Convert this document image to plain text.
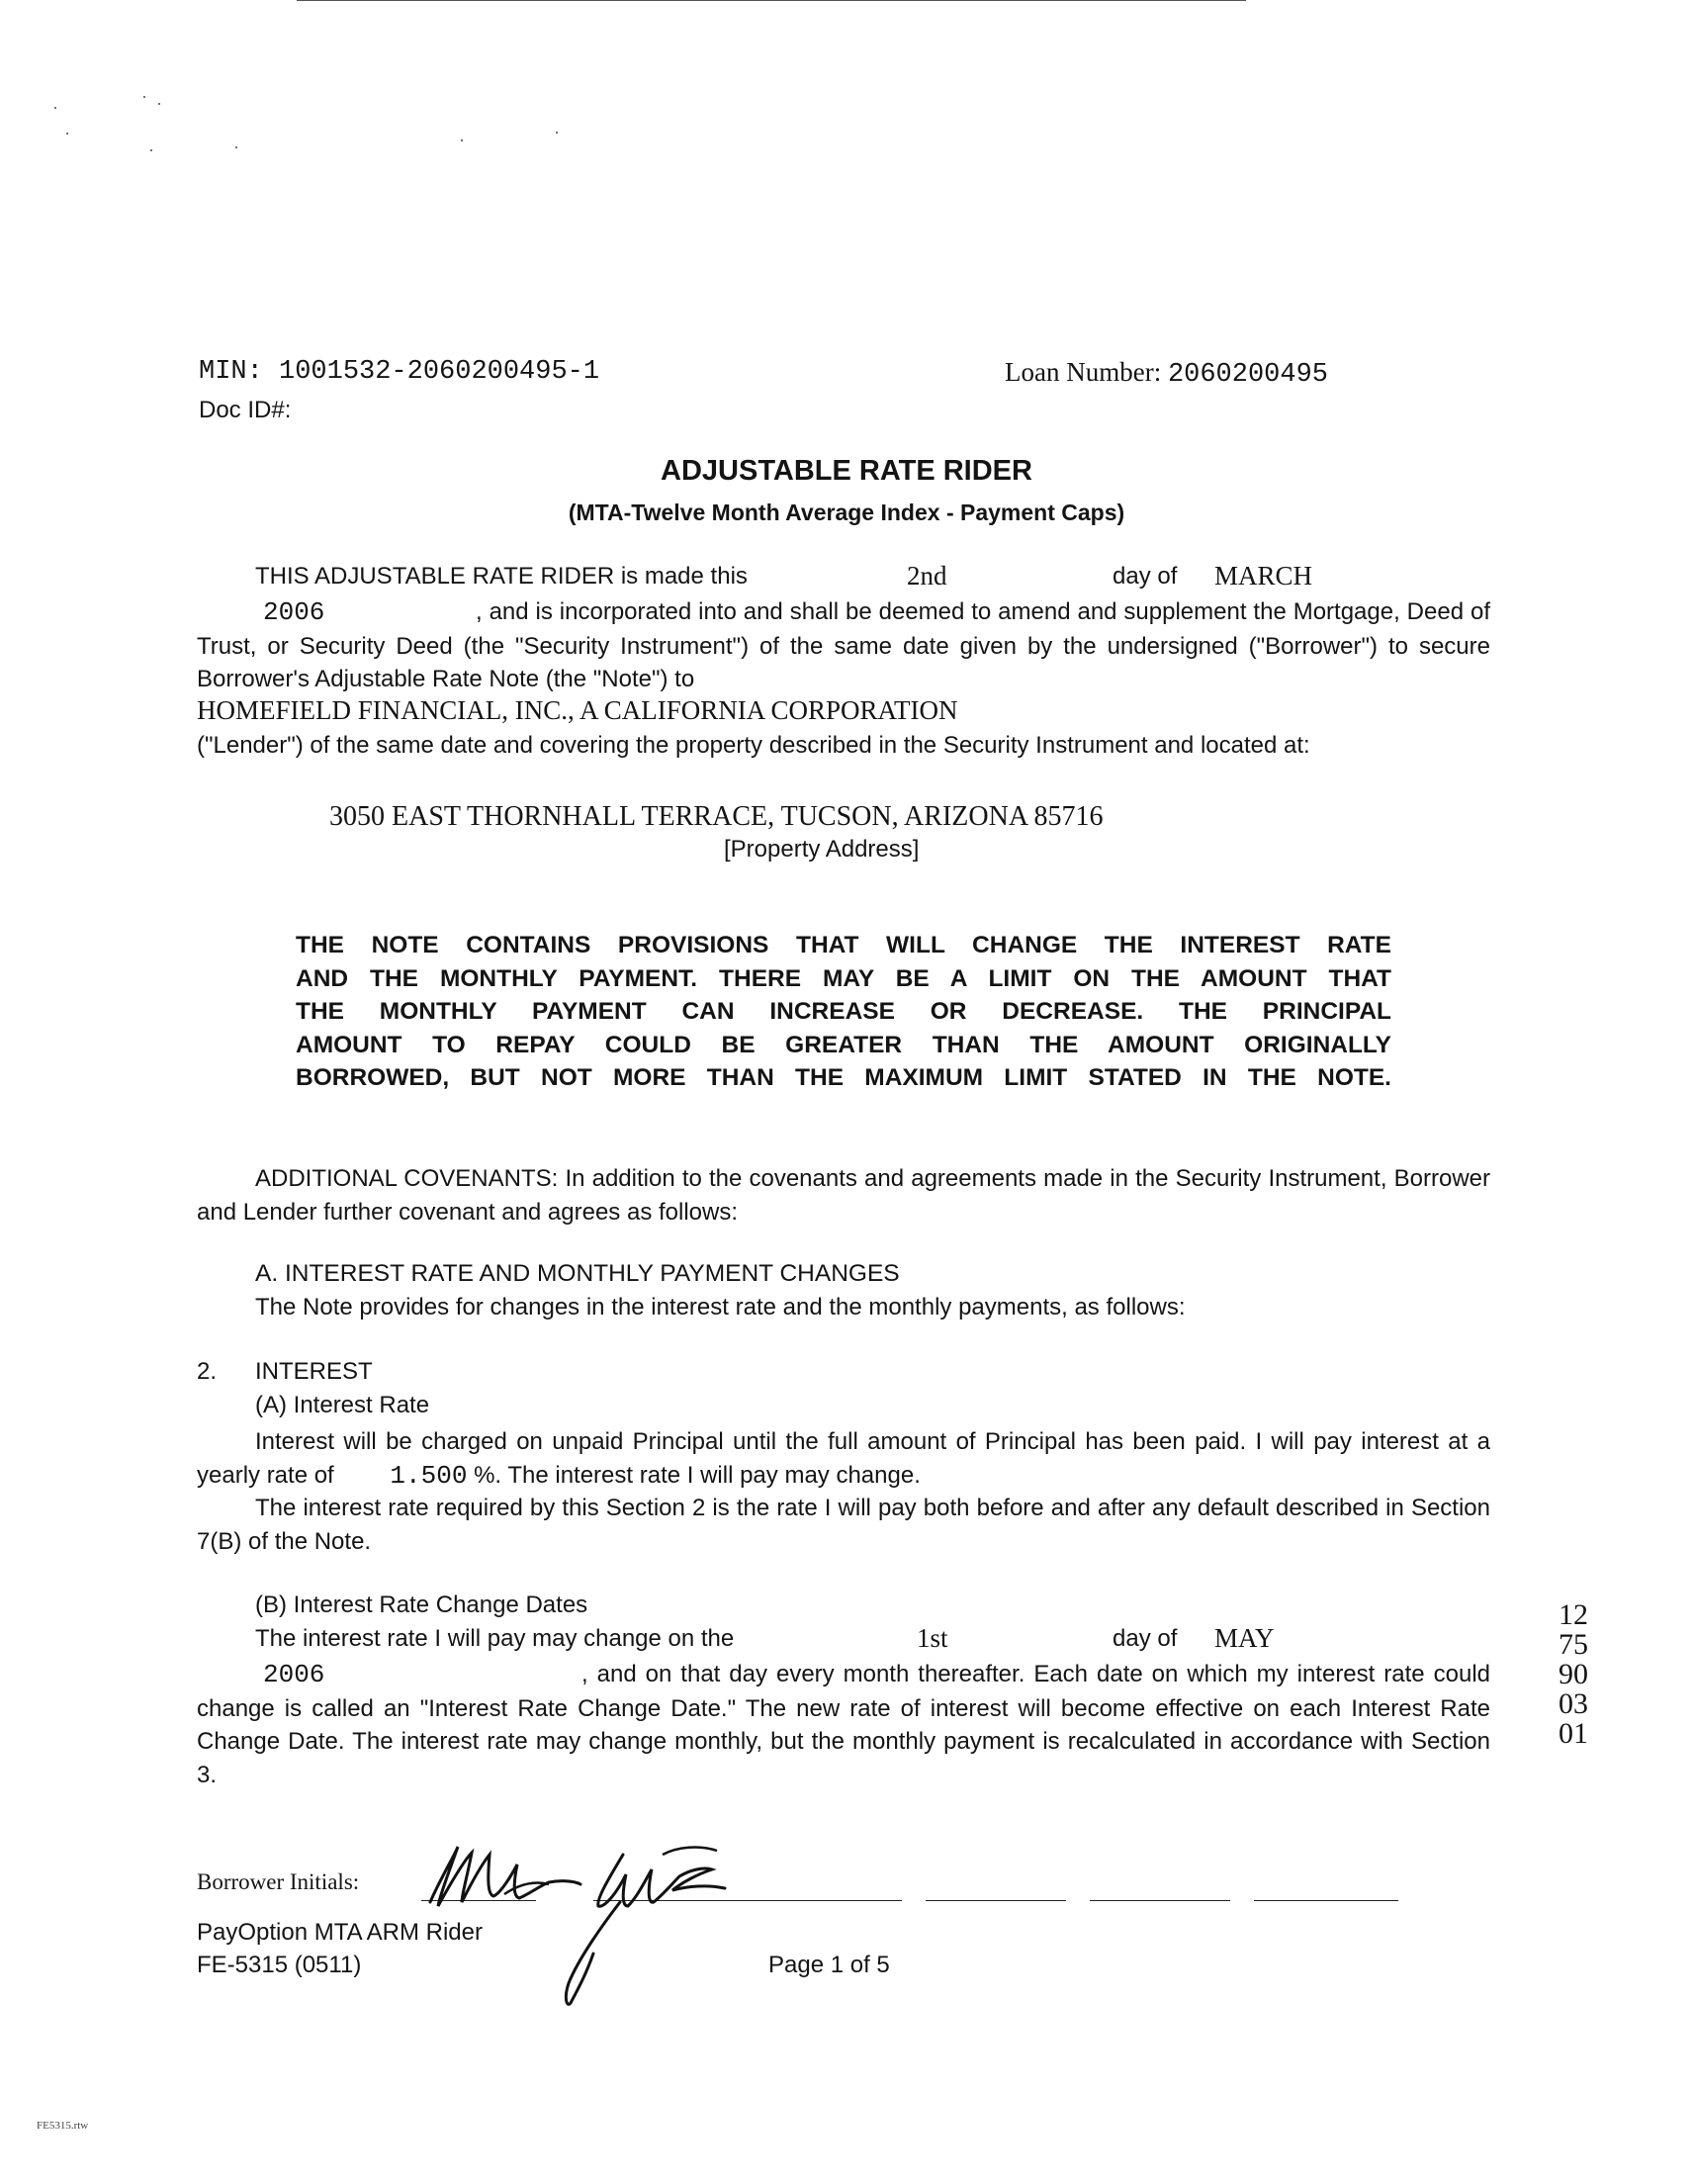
MIN: 1001532-2060200495-1	Loan Number: 2060200495
Doc ID#:
ADJUSTABLE RATE RIDER
(MTA-Twelve Month Average Index - Payment Caps)
THIS ADJUSTABLE RATE RIDER is made this	2nd	day of MARCH

2006	, and is incorporated into and shall be deemed to amend and supplement the Mortgage, Deed of Trust, or Security Deed (the "Security Instrument") of the same date given by the undersigned ("Borrower") to secure Borrower's Adjustable Rate Note (the "Note") to

HOMEFIELD FINANCIAL, INC., A CALIFORNIA CORPORATION

("Lender") of the same date and covering the property described in the Security Instrument and located at:

3050 EAST THORNHALL TERRACE, TUCSON, ARIZONA 85716
[Property Address]
THE NOTE CONTAINS PROVISIONS THAT WILL CHANGE THE INTEREST RATE
AND THE MONTHLY PAYMENT. THERE MAY BE A LIMIT ON THE AMOUNT THAT
THE MONTHLY PAYMENT CAN INCREASE OR DECREASE. THE PRINCIPAL
AMOUNT TO REPAY COULD BE GREATER THAN THE AMOUNT ORIGINALLY
BORROWED, BUT NOT MORE THAN THE MAXIMUM LIMIT STATED IN THE NOTE.
ADDITIONAL COVENANTS: In addition to the covenants and agreements made in the Security Instrument, Borrower and Lender further covenant and agrees as follows:
A. INTEREST RATE AND MONTHLY PAYMENT CHANGES
The Note provides for changes in the interest rate and the monthly payments, as follows:
2. INTEREST
(A) Interest Rate
Interest will be charged on unpaid Principal until the full amount of Principal has been paid. I will pay interest at a yearly rate of 1.500 %. The interest rate I will pay may change.
The interest rate required by this Section 2 is the rate I will pay both before and after any default described in Section 7(B) of the Note.
(B) Interest Rate Change Dates
The interest rate I will pay may change on the	1st	day of MAY
2006	, and on that day every month thereafter. Each date on which my interest rate could change is called an "Interest Rate Change Date." The new rate of interest will become effective on each Interest Rate Change Date. The interest rate may change monthly, but the monthly payment is recalculated in accordance with Section 3.
Borrower Initials:
PayOption MTA ARM Rider
FE-5315 (0511)	Page 1 of 5
FE5315.rtw
1275900301
